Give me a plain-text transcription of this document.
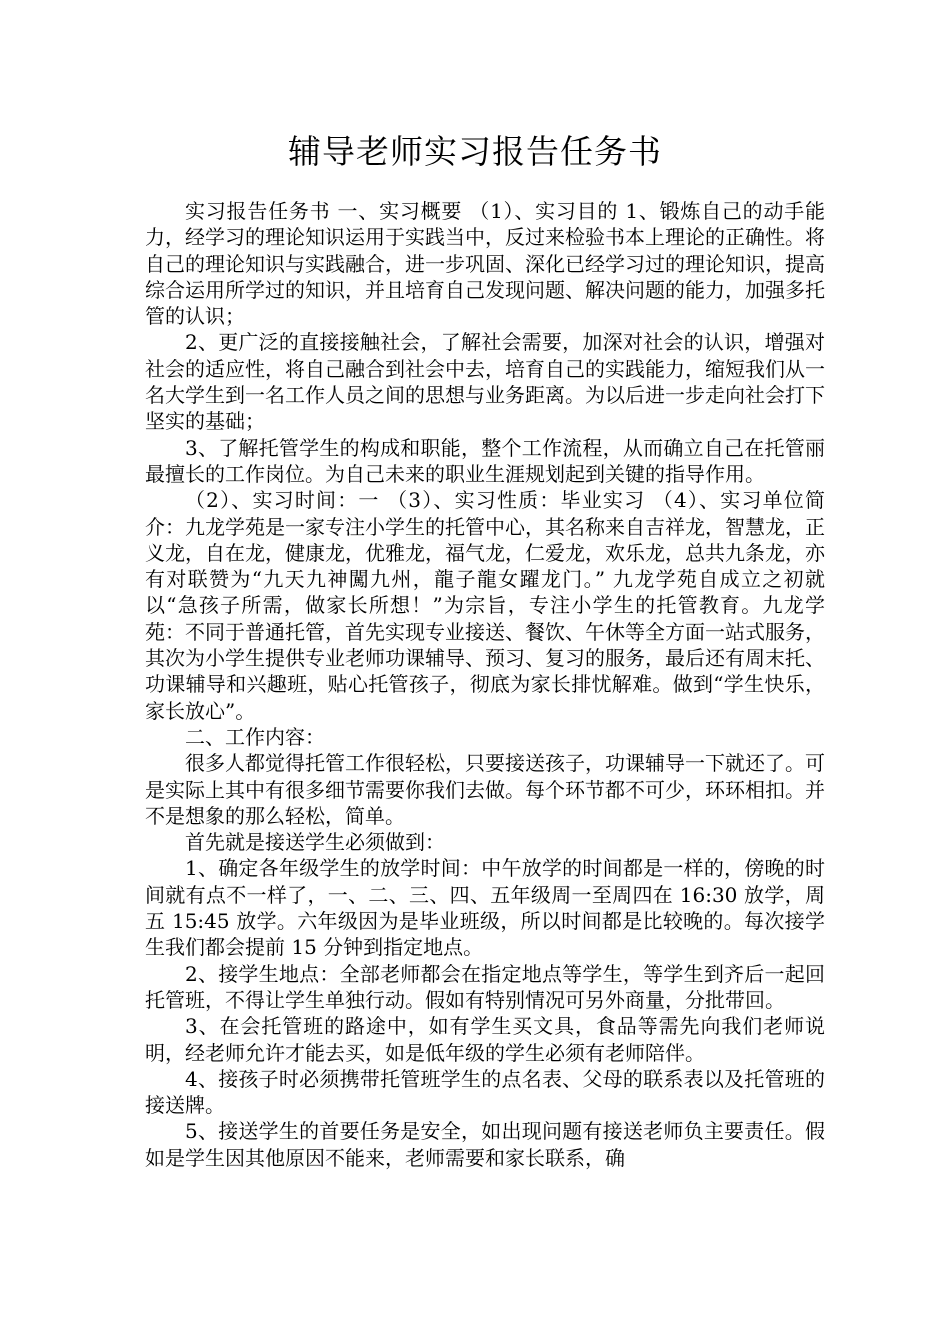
辅导老师实习报告任务书

实习报告任务书 一、实习概要 （1）、实习目的 1、锻炼自己的动手能力，经学习的理论知识运用于实践当中，反过来检验书本上理论的正确性。将自己的理论知识与实践融合，进一步巩固、深化已经学习过的理论知识，提高综合运用所学过的知识，并且培育自己发现问题、解决问题的能力，加强多托管的认识；

2、更广泛的直接接触社会，了解社会需要，加深对社会的认识，增强对社会的适应性，将自己融合到社会中去，培育自己的实践能力，缩短我们从一名大学生到一名工作人员之间的思想与业务距离。为以后进一步走向社会打下坚实的基础；

3、了解托管学生的构成和职能，整个工作流程，从而确立自己在托管丽最擅长的工作岗位。为自己未来的职业生涯规划起到关键的指导作用。

（2）、实习时间：一 （3）、实习性质：毕业实习 （4）、实习单位简介：九龙学苑是一家专注小学生的托管中心，其名称来自吉祥龙，智慧龙，正义龙，自在龙，健康龙，优雅龙，福气龙，仁爱龙，欢乐龙，总共九条龙，亦有对联赞为“九天九神闖九州，龍子龍女躍龙门。” 九龙学苑自成立之初就以“急孩子所需，做家长所想！”为宗旨，专注小学生的托管教育。九龙学苑：不同于普通托管，首先实现专业接送、餐饮、午休等全方面一站式服务，其次为小学生提供专业老师功课辅导、预习、复习的服务，最后还有周末托、功课辅导和兴趣班，贴心托管孩子，彻底为家长排忧解难。做到“学生快乐，家长放心”。

二、工作内容：

很多人都觉得托管工作很轻松，只要接送孩子，功课辅导一下就还了。可是实际上其中有很多细节需要你我们去做。每个环节都不可少，环环相扣。并不是想象的那么轻松，简单。

首先就是接送学生必须做到：

1、确定各年级学生的放学时间：中午放学的时间都是一样的，傍晚的时间就有点不一样了，一、二、三、四、五年级周一至周四在 16:30 放学，周五 15:45 放学。六年级因为是毕业班级，所以时间都是比较晚的。每次接学生我们都会提前 15 分钟到指定地点。

2、接学生地点：全部老师都会在指定地点等学生，等学生到齐后一起回托管班，不得让学生单独行动。假如有特别情况可另外商量，分批带回。

3、在会托管班的路途中，如有学生买文具，食品等需先向我们老师说明，经老师允许才能去买，如是低年级的学生必须有老师陪伴。

4、接孩子时必须携带托管班学生的点名表、父母的联系表以及托管班的接送牌。

5、接送学生的首要任务是安全，如出现问题有接送老师负主要责任。假如是学生因其他原因不能来，老师需要和家长联系，确
